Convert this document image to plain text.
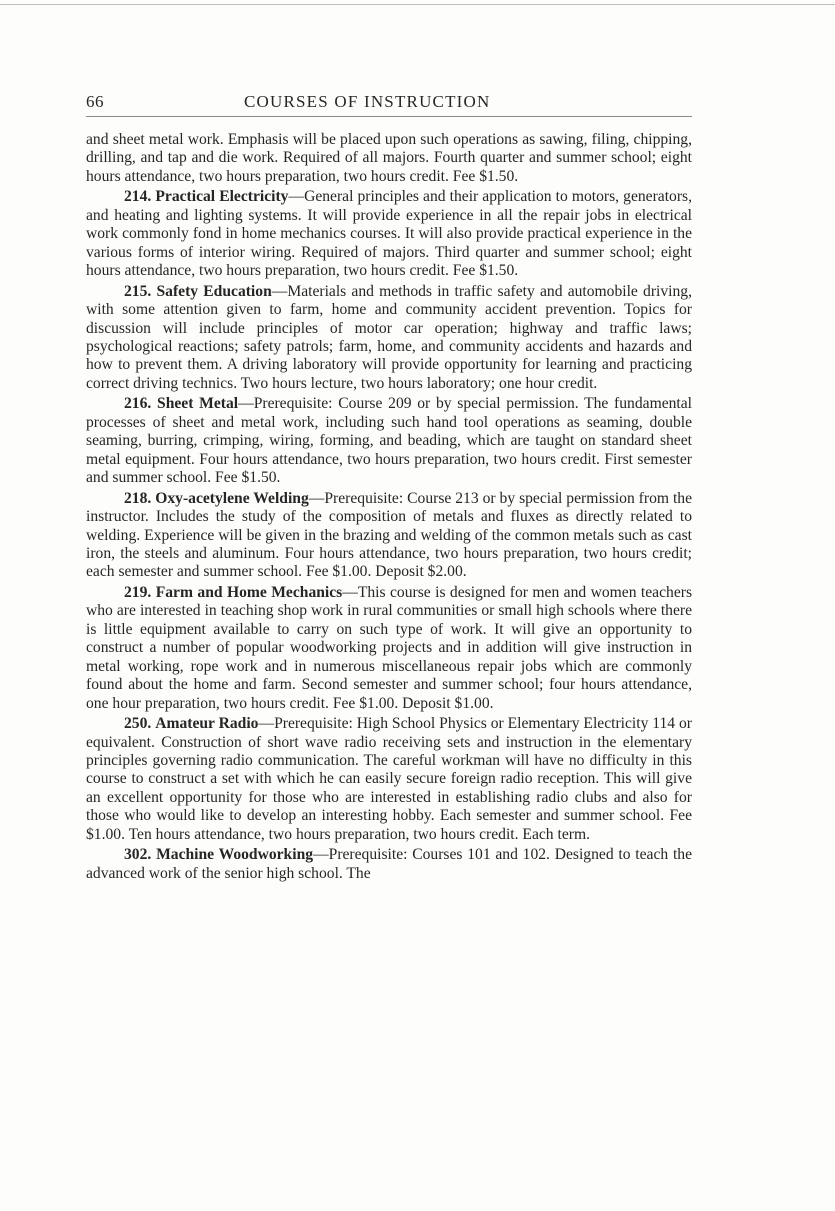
66	COURSES OF INSTRUCTION

and sheet metal work. Emphasis will be placed upon such operations as sawing, filing, chipping, drilling, and tap and die work. Required of all majors. Fourth quarter and summer school; eight hours attendance, two hours preparation, two hours credit. Fee $1.50.

214. Practical Electricity—General principles and their application to motors, generators, and heating and lighting systems. It will provide experience in all the repair jobs in electrical work commonly fond in home mechanics courses. It will also provide practical experience in the various forms of interior wiring. Required of majors. Third quarter and summer school; eight hours attendance, two hours preparation, two hours credit. Fee $1.50.

215. Safety Education—Materials and methods in traffic safety and automobile driving, with some attention given to farm, home and community accident prevention. Topics for discussion will include principles of motor car operation; highway and traffic laws; psychological reactions; safety patrols; farm, home, and community accidents and hazards and how to prevent them. A driving laboratory will provide opportunity for learning and practicing correct driving technics. Two hours lecture, two hours laboratory; one hour credit.

216. Sheet Metal—Prerequisite: Course 209 or by special permission. The fundamental processes of sheet and metal work, including such hand tool operations as seaming, double seaming, burring, crimping, wiring, forming, and beading, which are taught on standard sheet metal equipment. Four hours attendance, two hours preparation, two hours credit. First semester and summer school. Fee $1.50.

218. Oxy-acetylene Welding—Prerequisite: Course 213 or by special permission from the instructor. Includes the study of the composition of metals and fluxes as directly related to welding. Experience will be given in the brazing and welding of the common metals such as cast iron, the steels and aluminum. Four hours attendance, two hours preparation, two hours credit; each semester and summer school. Fee $1.00. Deposit $2.00.

219. Farm and Home Mechanics—This course is designed for men and women teachers who are interested in teaching shop work in rural communities or small high schools where there is little equipment available to carry on such type of work. It will give an opportunity to construct a number of popular woodworking projects and in addition will give instruction in metal working, rope work and in numerous miscellaneous repair jobs which are commonly found about the home and farm. Second semester and summer school; four hours attendance, one hour preparation, two hours credit. Fee $1.00. Deposit $1.00.

250. Amateur Radio—Prerequisite: High School Physics or Elementary Electricity 114 or equivalent. Construction of short wave radio receiving sets and instruction in the elementary principles governing radio communication. The careful workman will have no difficulty in this course to construct a set with which he can easily secure foreign radio reception. This will give an excellent opportunity for those who are interested in establishing radio clubs and also for those who would like to develop an interesting hobby. Each semester and summer school. Fee $1.00. Ten hours attendance, two hours preparation, two hours credit. Each term.

302. Machine Woodworking—Prerequisite: Courses 101 and 102. Designed to teach the advanced work of the senior high school. The
